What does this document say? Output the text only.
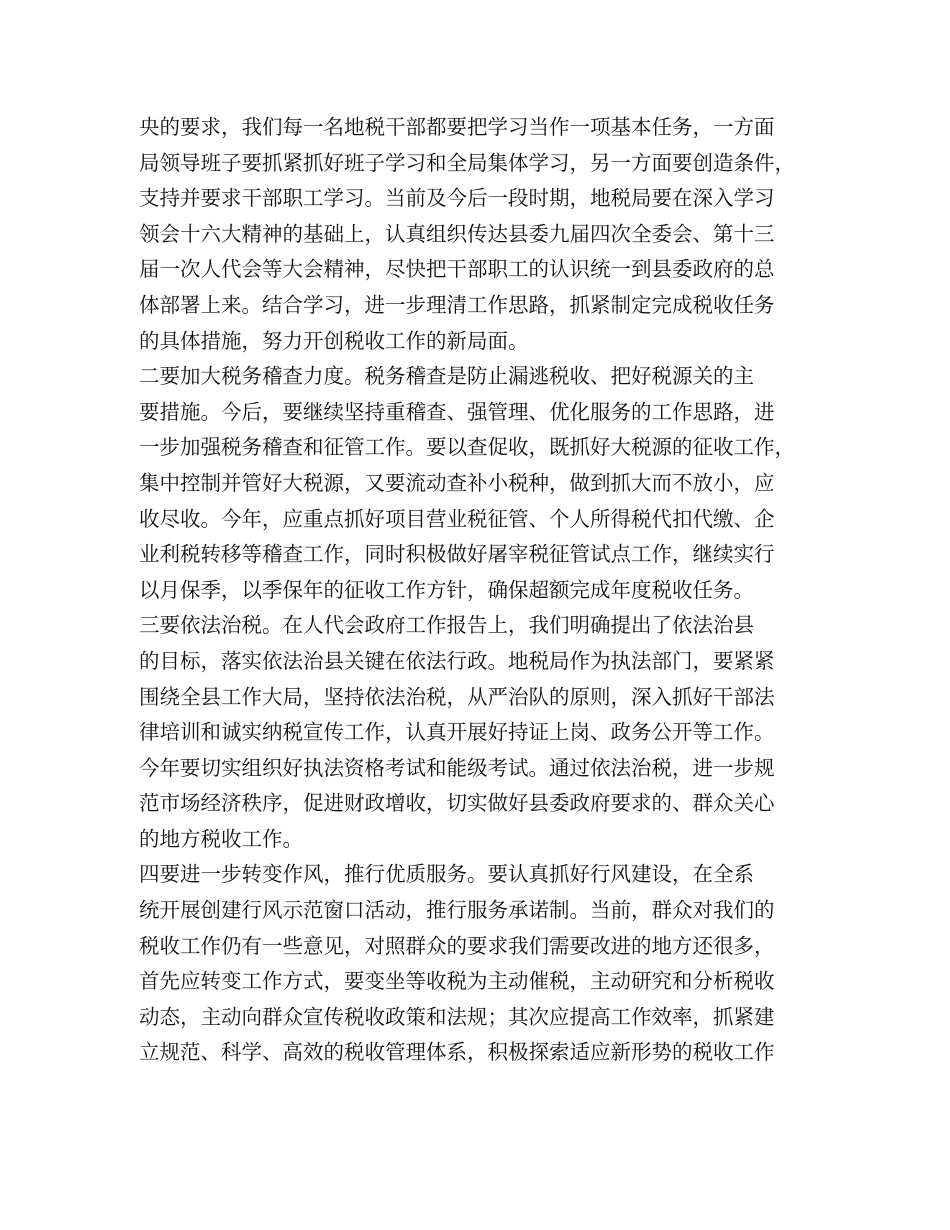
央的要求，我们每一名地税干部都要把学习当作一项基本任务，一方面
局领导班子要抓紧抓好班子学习和全局集体学习，另一方面要创造条件，
支持并要求干部职工学习。当前及今后一段时期，地税局要在深入学习
领会十六大精神的基础上，认真组织传达县委九届四次全委会、第十三
届一次人代会等大会精神，尽快把干部职工的认识统一到县委政府的总
体部署上来。结合学习，进一步理清工作思路，抓紧制定完成税收任务
的具体措施，努力开创税收工作的新局面。
二要加大税务稽查力度。税务稽查是防止漏逃税收、把好税源关的主
要措施。今后，要继续坚持重稽查、强管理、优化服务的工作思路，进
一步加强税务稽查和征管工作。要以查促收，既抓好大税源的征收工作，
集中控制并管好大税源，又要流动查补小税种，做到抓大而不放小，应
收尽收。今年，应重点抓好项目营业税征管、个人所得税代扣代缴、企
业利税转移等稽查工作，同时积极做好屠宰税征管试点工作，继续实行
以月保季，以季保年的征收工作方针，确保超额完成年度税收任务。
三要依法治税。在人代会政府工作报告上，我们明确提出了依法治县
的目标，落实依法治县关键在依法行政。地税局作为执法部门，要紧紧
围绕全县工作大局，坚持依法治税，从严治队的原则，深入抓好干部法
律培训和诚实纳税宣传工作，认真开展好持证上岗、政务公开等工作。
今年要切实组织好执法资格考试和能级考试。通过依法治税，进一步规
范市场经济秩序，促进财政增收，切实做好县委政府要求的、群众关心
的地方税收工作。
四要进一步转变作风，推行优质服务。要认真抓好行风建设，在全系
统开展创建行风示范窗口活动，推行服务承诺制。当前，群众对我们的
税收工作仍有一些意见，对照群众的要求我们需要改进的地方还很多，
首先应转变工作方式，要变坐等收税为主动催税，主动研究和分析税收
动态，主动向群众宣传税收政策和法规；其次应提高工作效率，抓紧建
立规范、科学、高效的税收管理体系，积极探索适应新形势的税收工作
